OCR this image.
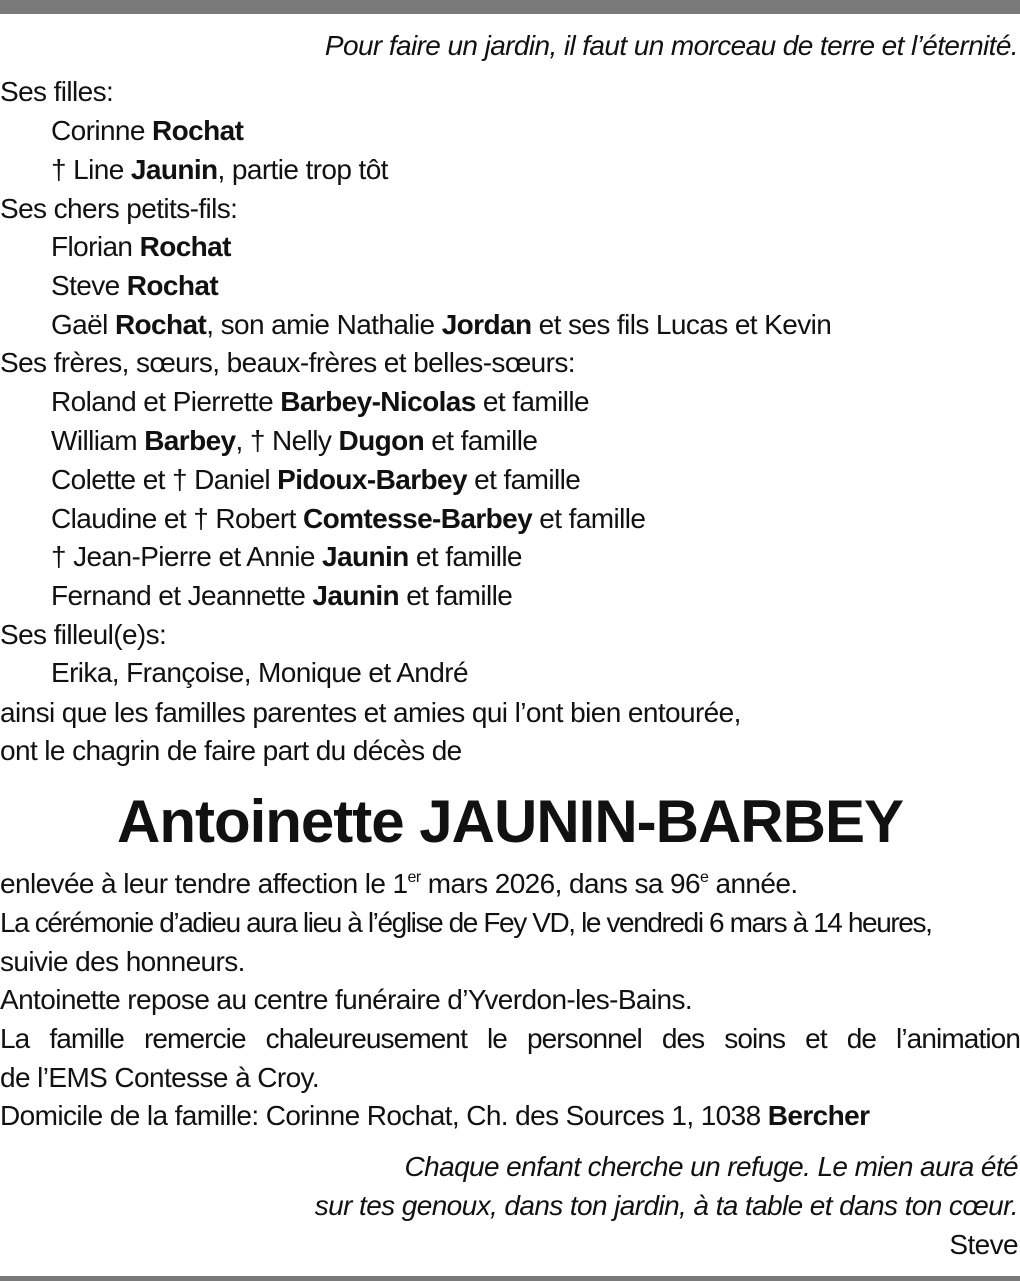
Pour faire un jardin, il faut un morceau de terre et l’éternité.
Ses filles:
Corinne Rochat
† Line Jaunin, partie trop tôt
Ses chers petits-fils:
Florian Rochat
Steve Rochat
Gaël Rochat, son amie Nathalie Jordan et ses fils Lucas et Kevin
Ses frères, sœurs, beaux-frères et belles-sœurs:
Roland et Pierrette Barbey-Nicolas et famille
William Barbey, † Nelly Dugon et famille
Colette et † Daniel Pidoux-Barbey et famille
Claudine et † Robert Comtesse-Barbey et famille
† Jean-Pierre et Annie Jaunin et famille
Fernand et Jeannette Jaunin et famille
Ses filleul(e)s:
Erika, Françoise, Monique et André
ainsi que les familles parentes et amies qui l’ont bien entourée,
ont le chagrin de faire part du décès de
Antoinette JAUNIN-BARBEY
enlevée à leur tendre affection le 1er mars 2026, dans sa 96e année.
La cérémonie d’adieu aura lieu à l’église de Fey VD, le vendredi 6 mars à 14 heures,
suivie des honneurs.
Antoinette repose au centre funéraire d’Yverdon-les-Bains.
La famille remercie chaleureusement le personnel des soins et de l’animation
de l’EMS Contesse à Croy.
Domicile de la famille: Corinne Rochat, Ch. des Sources 1, 1038 Bercher
Chaque enfant cherche un refuge. Le mien aura été
sur tes genoux, dans ton jardin, à ta table et dans ton cœur.
Steve
